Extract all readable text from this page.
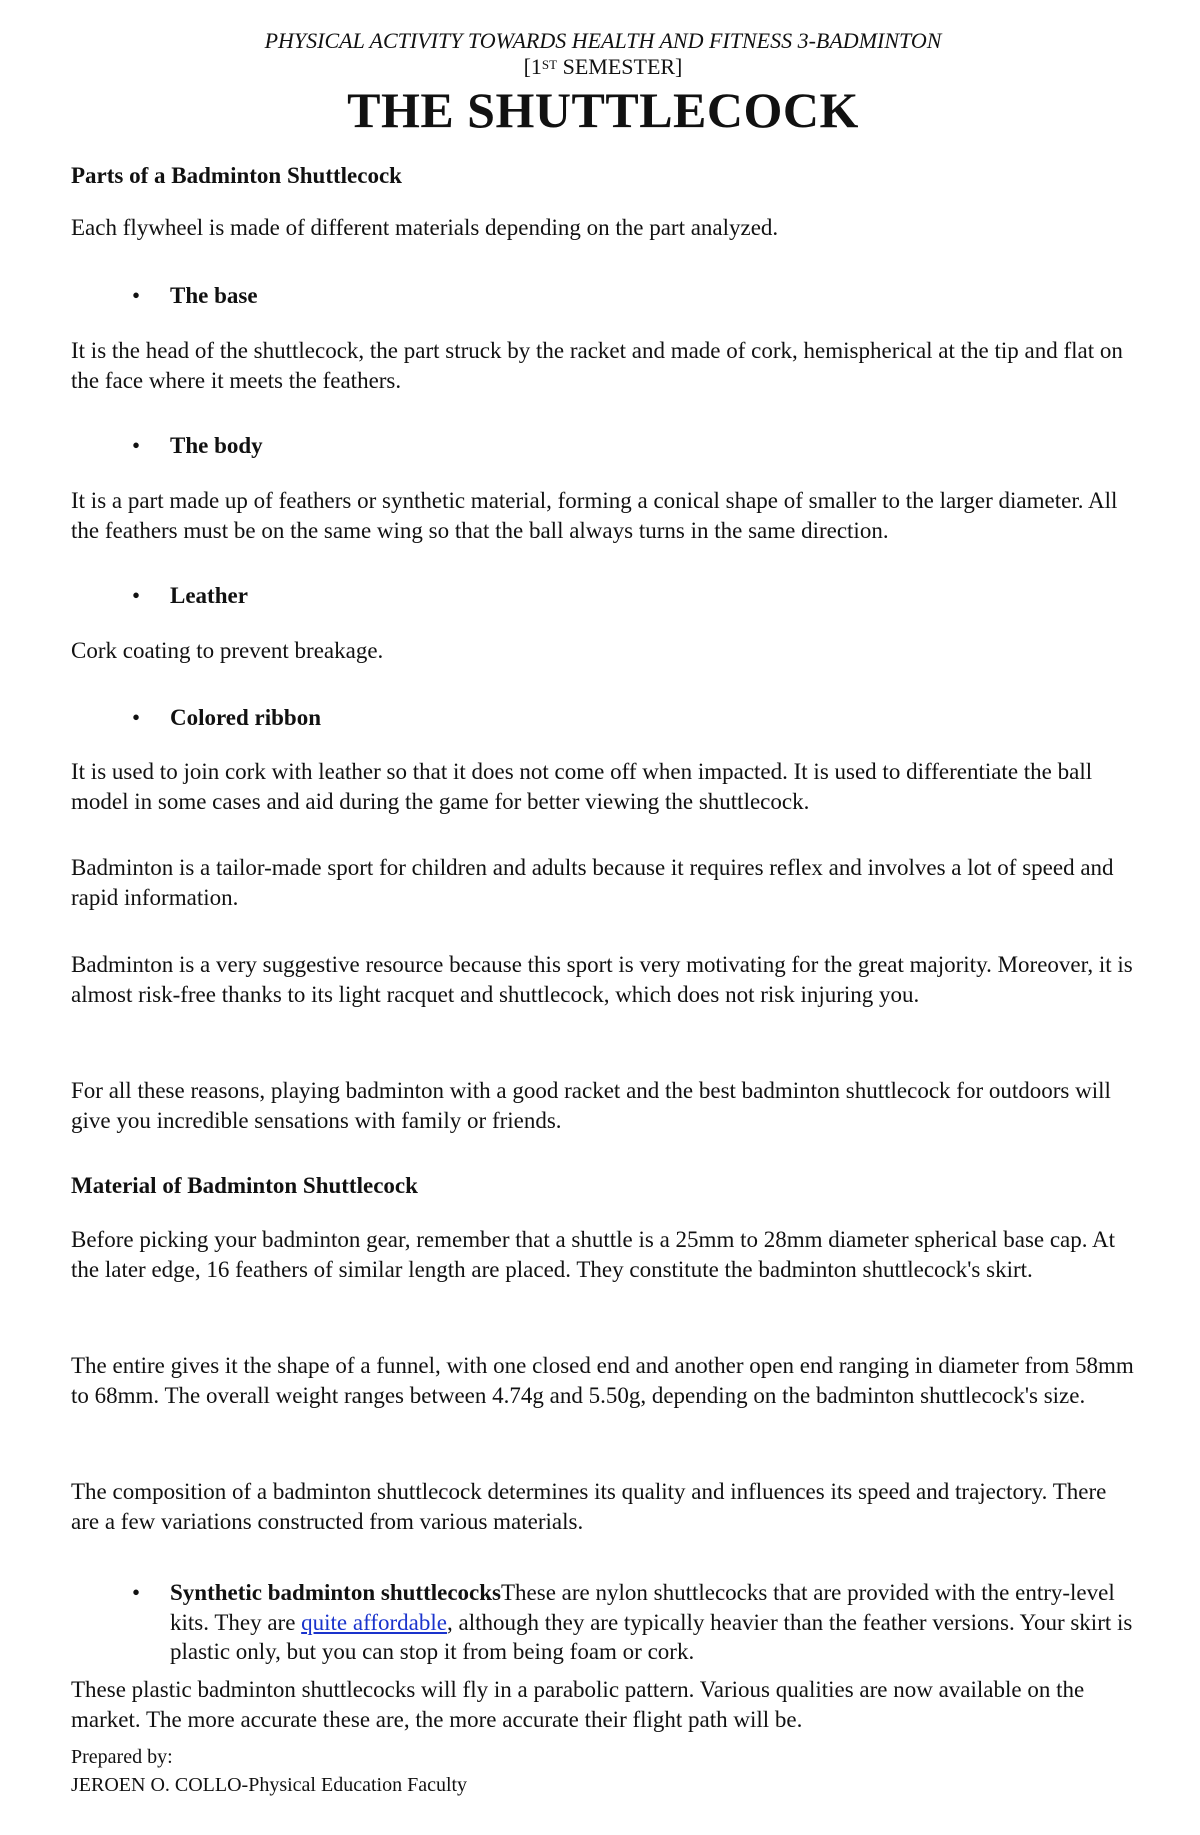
PHYSICAL ACTIVITY TOWARDS HEALTH AND FITNESS 3-BADMINTON
[1ST SEMESTER]
THE SHUTTLECOCK
Parts of a Badminton Shuttlecock
Each flywheel is made of different materials depending on the part analyzed.
• The base
It is the head of the shuttlecock, the part struck by the racket and made of cork, hemispherical at the tip and flat on the face where it meets the feathers.
• The body
It is a part made up of feathers or synthetic material, forming a conical shape of smaller to the larger diameter. All the feathers must be on the same wing so that the ball always turns in the same direction.
• Leather
Cork coating to prevent breakage.
• Colored ribbon
It is used to join cork with leather so that it does not come off when impacted. It is used to differentiate the ball model in some cases and aid during the game for better viewing the shuttlecock.
Badminton is a tailor-made sport for children and adults because it requires reflex and involves a lot of speed and rapid information.
Badminton is a very suggestive resource because this sport is very motivating for the great majority. Moreover, it is almost risk-free thanks to its light racquet and shuttlecock, which does not risk injuring you.
For all these reasons, playing badminton with a good racket and the best badminton shuttlecock for outdoors will give you incredible sensations with family or friends.
Material of Badminton Shuttlecock
Before picking your badminton gear, remember that a shuttle is a 25mm to 28mm diameter spherical base cap. At the later edge, 16 feathers of similar length are placed. They constitute the badminton shuttlecock's skirt.
The entire gives it the shape of a funnel, with one closed end and another open end ranging in diameter from 58mm to 68mm. The overall weight ranges between 4.74g and 5.50g, depending on the badminton shuttlecock's size.
The composition of a badminton shuttlecock determines its quality and influences its speed and trajectory. There are a few variations constructed from various materials.
• Synthetic badminton shuttlecocksThese are nylon shuttlecocks that are provided with the entry-level kits. They are quite affordable, although they are typically heavier than the feather versions. Your skirt is plastic only, but you can stop it from being foam or cork.
These plastic badminton shuttlecocks will fly in a parabolic pattern. Various qualities are now available on the market. The more accurate these are, the more accurate their flight path will be.
Prepared by:
JEROEN O. COLLO-Physical Education Faculty
